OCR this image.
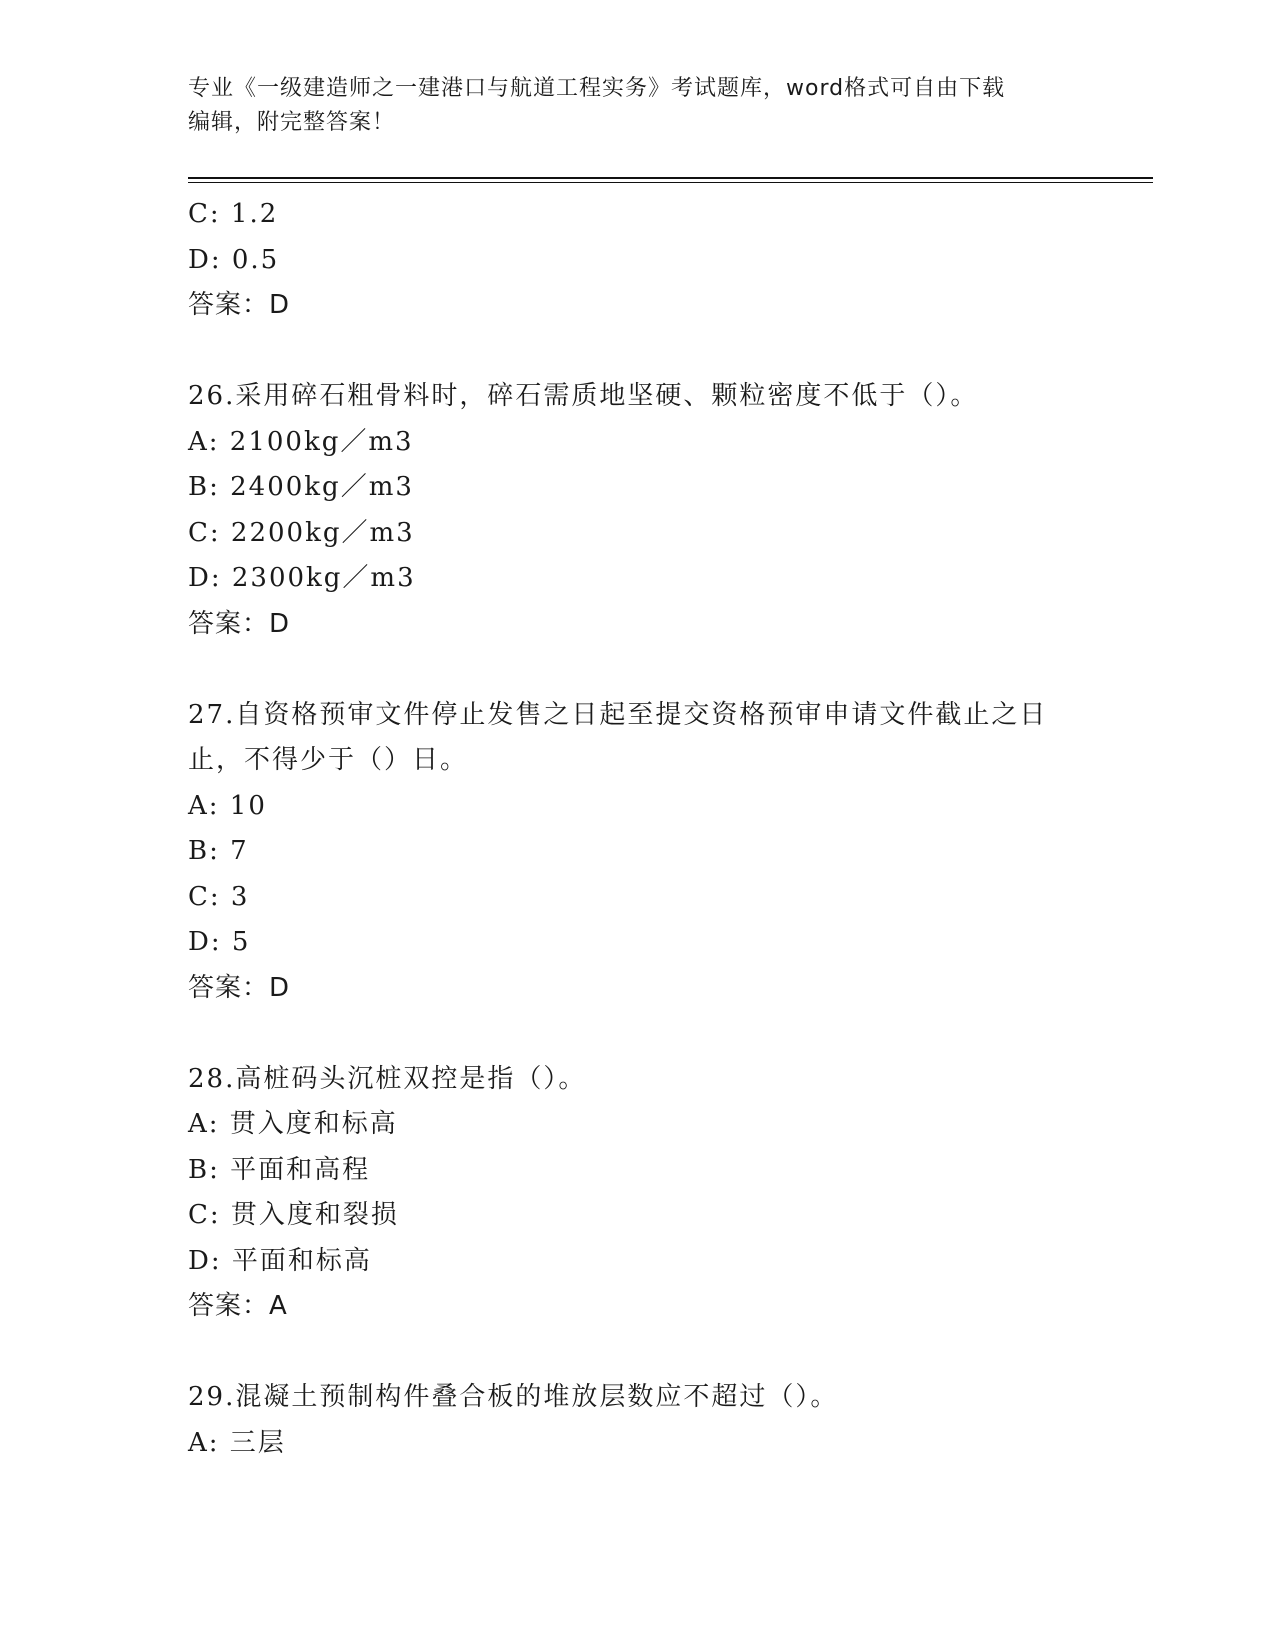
专业《一级建造师之一建港口与航道工程实务》考试题库，word格式可自由下载
编辑，附完整答案！
C: 1.2
D: 0.5
答案：D
26.采用碎石粗骨料时，碎石需质地坚硬、颗粒密度不低于（）。
A: 2100kg／m3
B: 2400kg／m3
C: 2200kg／m3
D: 2300kg／m3
答案：D
27.自资格预审文件停止发售之日起至提交资格预审申请文件截止之日
止，不得少于（）日。
A: 10
B: 7
C: 3
D: 5
答案：D
28.高桩码头沉桩双控是指（）。
A: 贯入度和标高
B: 平面和高程
C: 贯入度和裂损
D: 平面和标高
答案：A
29.混凝土预制构件叠合板的堆放层数应不超过（）。
A: 三层
